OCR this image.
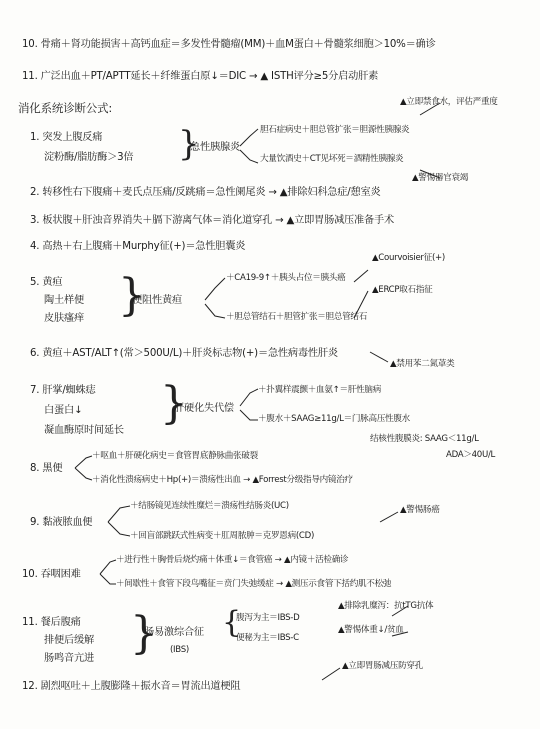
10. 骨痛＋肾功能损害＋高钙血症＝多发性骨髓瘤(MM)＋血M蛋白＋骨髓浆细胞＞10%＝确诊
11. 广泛出血＋PT/APTT延长＋纤维蛋白原↓＝DIC → ▲ ISTH评分≥5分启动肝素
消化系统诊断公式:
1. 突发上腹反痛
淀粉酶/脂肪酶＞3倍 }
急性胰腺炎
胆石症病史＋胆总管扩张＝胆源性胰腺炎
大量饮酒史＋CT见坏死＝酒精性胰腺炎
▲立即禁食水，评估严重度
▲警惕器官衰竭
2. 转移性右下腹痛＋麦氏点压痛/反跳痛＝急性阑尾炎 → ▲排除妇科急症/憩室炎
3. 板状腹＋肝浊音界消失＋膈下游离气体＝消化道穿孔 → ▲立即胃肠减压准备手术
4. 高热＋右上腹痛＋Murphy征(+)＝急性胆囊炎
5. 黄疸
陶土样便
皮肤瘙痒 }
梗阻性黄疸
＋CA19-9↑＋胰头占位＝胰头癌
＋胆总管结石＋胆管扩张＝胆总管结石
▲Courvoisier征(+)
▲ERCP取石指征
6. 黄疸＋AST/ALT↑(常＞500U/L)＋肝炎标志物(+)＝急性病毒性肝炎
▲禁用苯二氮䓬类
7. 肝掌/蜘蛛痣
白蛋白↓
凝血酶原时间延长
}
肝硬化失代偿
＋扑翼样震颤＋血氨↑＝肝性脑病
＋腹水＋SAAG≥11g/L＝门脉高压性腹水
结核性腹膜炎: SAAG＜11g/L
ADA＞40U/L
8. 黑便
＋呕血＋肝硬化病史＝食管胃底静脉曲张破裂
＋消化性溃疡病史＋Hp(+)＝溃疡性出血 → ▲Forrest分级指导内镜治疗
9. 黏液脓血便
＋结肠镜见连续性糜烂＝溃疡性结肠炎(UC)
＋回盲部跳跃式性病变＋肛周脓肿＝克罗恩病(CD)
▲警惕肠癌
10. 吞咽困难
＋进行性＋胸骨后烧灼痛＋体重↓＝食管癌 → ▲内镜＋活检确诊
＋间歇性＋食管下段鸟嘴征＝贲门失弛缓症 → ▲测压示食管下括约肌不松弛
11. 餐后腹痛
排便后缓解
肠鸣音亢进 }
肠易激综合征
(IBS)
{
腹泻为主＝IBS-D
便秘为主＝IBS-C
▲排除乳糜泻：抗tTG抗体
▲警惕体重↓/贫血
12. 剧烈呕吐＋上腹膨隆＋振水音＝胃流出道梗阻
▲立即胃肠减压防穿孔
